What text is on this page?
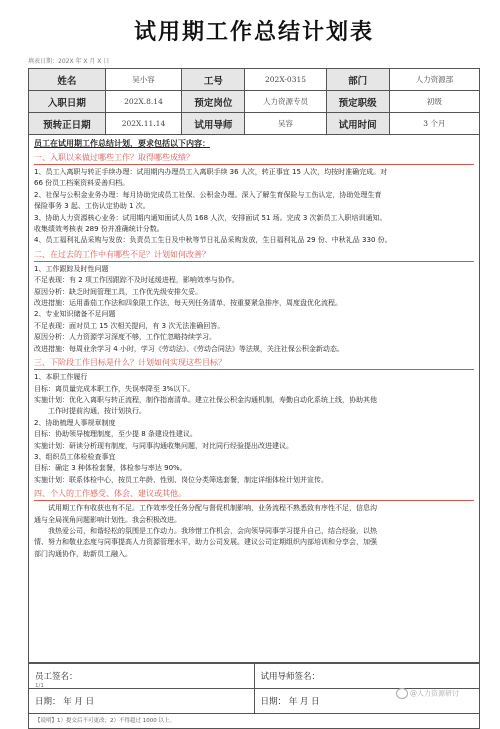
试用期工作总结计划表
填表日期：202X 年 X 月 X 日
姓名	吴小容	工号	202X-0315	部门	人力资源部
入职日期	202X.8.14	预定岗位	人力资源专员	预定职级	初级
预转正日期	202X.11.14	试用导师	吴容	试用时间	3 个月
员工在试用期工作总结计划，要求包括以下内容：
一、入职以来做过哪些工作？取得哪些成绩？
1、员工入离职与转正手续办理：试用期内办理员工入离职手续 36 人次，转正事宜 15 人次，均按时准确完成。对
66 份员工档案资料妥善归档。
2、社保与公积金业务办理：每月协助完成员工社保、公积金办理。深入了解生育保险与工伤认定，协助处理生育
保险事务 3 起、工伤认定协助 1 次。
3、协助人力资源核心业务：试用期内通知面试人员 168 人次，安排面试 51 场。完成 3 次新员工入职培训通知。
收集绩效考核表 289 份并准确统计分数。
4、员工福利礼品采购与发放：负责员工生日及中秋等节日礼品采购发放，生日福利礼品 29 份、中秋礼品 330 份。
二、在过去的工作中有哪些不足？计划如何改善？
1、工作跟踪及时性问题
不足表现：有 2 项工作因跟踪不及时延缓进程，影响效率与协作。
原因分析：缺乏时间管理工具，工作优先级安排欠妥。
改进措施：运用番茄工作法和四象限工作法，每天列任务清单，按重要紧急排序，周度盘优化流程。
2、专业知识储备不足问题
不足表现：面对员工 15 次相关提问，有 3 次无法准确回答。
原因分析：人力资源学习深度不够，工作忙忽略持续学习。
改进措施：每周业余学习 4 小时，学习《劳动法》、《劳动合同法》等法规，关注社保公积金新动态。
三、下阶段工作目标是什么？计划如何实现这些目标？
1、本职工作履行
目标：离员量完成本职工作，失误率降至 3%以下。
实施计划：优化入离职与转正流程，制作指南清单。建立社保公积金沟通机制，寿勤自动化系统上线，协助其他
工作时提前沟通，按计划执行。
2、协助梳理人事规章制度
目标：协助领导梳理制度，至少提 8 条建设性建议。
实施计划：研读分析现有制度，与同事沟通收集问题，对比同行经验提出改进建议。
3、组织员工体检检查事宜
目标：确定 3 种体检套餐，体检参与率达 90%。
实施计划：联系体检中心，按员工年龄、性别、岗位分类筛选套餐，制定详细体检计划并宣传。
四、个人的工作感受、体会、建议或其他。
试用期工作有收获也有不足。工作效率受任务分配与督促机制影响，业务流程不熟悉致有序性不足，信息沟
通与全局视角问题影响计划性。我会积极改进。
我热爱公司，和谐轻松的氛围是工作动力。我珍惜工作机会，会向领导同事学习提升自己，结合经验，以热
情、努力和敬业态度与同事提高人力资源管理水平，助力公司发展。建议公司定期组织内部培训和分享会，加强
部门沟通协作，助新员工融入。
员工签名：	试用导师签名：
日期： 年 月 日	日期： 年 月 日
【说明】1）提交后不可更改；2）不得超过 1000 以上。
1/1
@人力资源研讨
